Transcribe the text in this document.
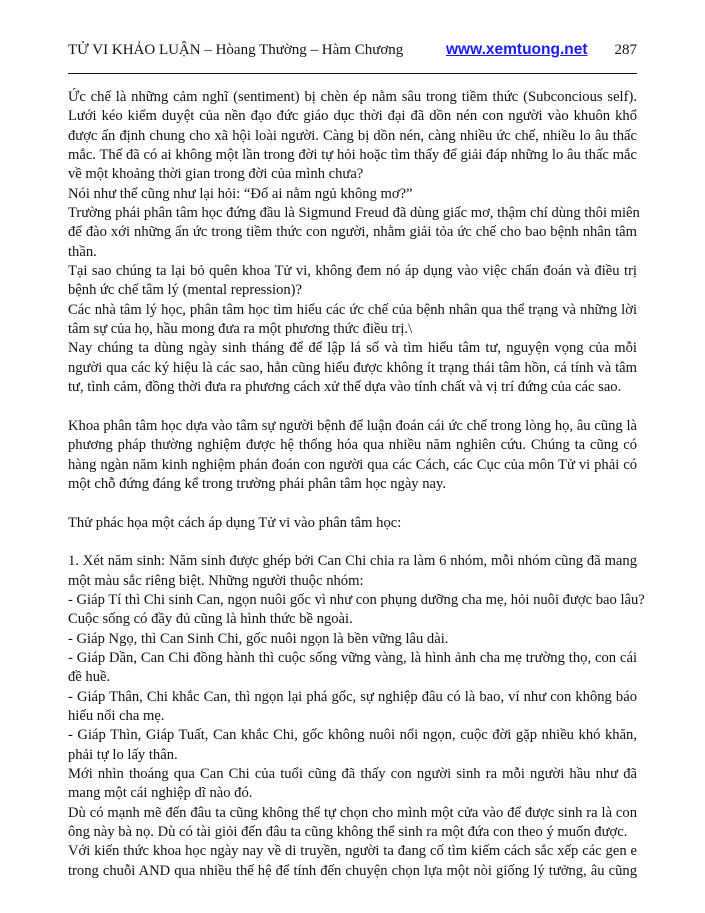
TỬ VI KHẢO LUẬN – Hòang Thường – Hàm Chương	www.xemtuong.net 287
Ức chế là những cảm nghĩ (sentiment) bị chèn ép nằm sâu trong tiềm thức (Subconcious self).
Lưới kéo kiểm duyệt của nền đạo đức giáo dục thời đại đã dồn nén con người vào khuôn khổ
được ấn định chung cho xã hội loài người. Càng bị dồn nén, càng nhiều ức chế, nhiều lo âu thấc
mắc. Thế đã có ai không một lần trong đời tự hỏi hoặc tìm thấy để giải đáp những lo âu thấc mắc
về một khoảng thời gian trong đời của mình chưa?
Nói như thế cũng như lại hỏi: “Đố ai nằm ngủ không mơ?”
Trường phái phân tâm học đứng đầu là Sigmund Freud đã dùng giấc mơ, thậm chí dùng thôi miên
để đào xới những ẩn ức trong tiềm thức con người, nhằm giải tỏa ức chế cho bao bệnh nhân tâm
thần.
Tại sao chúng ta lại bỏ quên khoa Tử vi, không đem nó áp dụng vào việc chẩn đoán và điều trị
bệnh ức chế tâm lý (mental repression)?
Các nhà tâm lý học, phân tâm học tìm hiểu các ức chế của bệnh nhân qua thể trạng và những lời
tâm sự của họ, hầu mong đưa ra một phương thức điều trị.\
Nay chúng ta dùng ngày sinh tháng để để lập lá số và tìm hiểu tâm tư, nguyện vọng của mỗi
người qua các ký hiệu là các sao, hẳn cũng hiểu được không ít trạng thái tâm hồn, cá tính và tâm
tư, tình cảm, đồng thời đưa ra phương cách xử thế dựa vào tính chất và vị trí đứng của các sao.
Khoa phân tâm học dựa vào tâm sự người bệnh để luận đoán cái ức chế trong lòng họ, âu cũng là
phương pháp thường nghiệm được hệ thống hóa qua nhiều năm nghiên cứu. Chúng ta cũng có
hàng ngàn năm kinh nghiệm phán đoán con người qua các Cách, các Cục của môn Tử vi phải có
một chỗ đứng đáng kể trong trường phái phân tâm học ngày nay.
Thử phác họa một cách áp dụng Tử vi vào phân tâm học:
1. Xét năm sinh: Năm sinh được ghép bởi Can Chi chia ra làm 6 nhóm, mỗi nhóm cũng đã mang
một màu sắc riêng biệt. Những người thuộc nhóm:
- Giáp Tí thì Chi sinh Can, ngọn nuôi gốc vì như con phụng dưỡng cha mẹ, hỏi nuôi được bao lâu?
Cuộc sống có đầy đủ cũng là hình thức bề ngoài.
- Giáp Ngọ, thì Can Sinh Chi, gốc nuôi ngọn là bền vững lâu dài.
- Giáp Dần, Can Chi đồng hành thì cuộc sống vững vàng, là hình ảnh cha mẹ trường thọ, con cái
đề huề.
- Giáp Thân, Chi khắc Can, thì ngọn lại phá gốc, sự nghiệp đâu có là bao, ví như con không báo
hiếu nổi cha mẹ.
- Giáp Thìn, Giáp Tuất, Can khắc Chi, gốc không nuôi nổi ngọn, cuộc đời gặp nhiều khó khăn,
phải tự lo lấy thân.
Mới nhìn thoáng qua Can Chi của tuổi cũng đã thấy con người sinh ra mỗi người hầu như đã
mang một cái nghiệp dĩ nào đó.
Dù có mạnh mẽ đến đâu ta cũng không thể tự chọn cho mình một cửa vào để được sinh ra là con
ông này bà nọ. Dù có tài giỏi đến đâu ta cũng không thể sinh ra một đứa con theo ý muốn được.
Với kiến thức khoa học ngày nay về di truyền, người ta đang cố tìm kiếm cách sắc xếp các gen e
trong chuỗi AND qua nhiều thế hệ để tính đến chuyện chọn lựa một nòi giống lý tưởng, âu cũng
